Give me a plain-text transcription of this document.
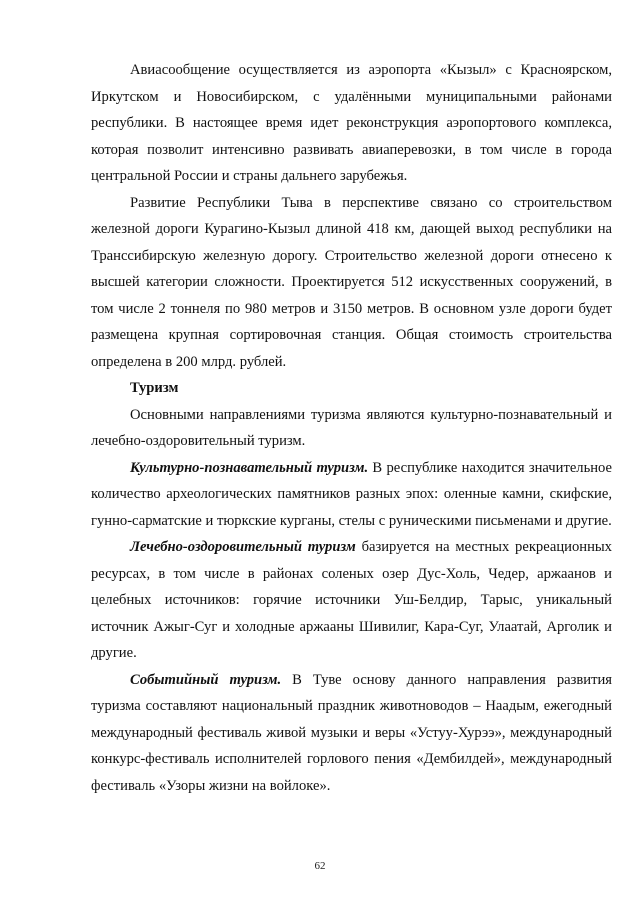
Авиасообщение осуществляется из аэропорта «Кызыл» с Красноярском, Иркутском и Новосибирском, с удалёнными муниципальными районами республики. В настоящее время идет реконструкция аэропортового комплекса, которая позволит интенсивно развивать авиаперевозки, в том числе в города центральной России и страны дальнего зарубежья.

Развитие Республики Тыва в перспективе связано со строительством железной дороги Курагино-Кызыл длиной 418 км, дающей выход республики на Транссибирскую железную дорогу. Строительство железной дороги отнесено к высшей категории сложности. Проектируется 512 искусственных сооружений, в том числе 2 тоннеля по 980 метров и 3150 метров. В основном узле дороги будет размещена крупная сортировочная станция. Общая стоимость строительства определена в 200 млрд. рублей.

Туризм

Основными направлениями туризма являются культурно-познавательный и лечебно-оздоровительный туризм.

Культурно-познавательный туризм. В республике находится значительное количество археологических памятников разных эпох: оленные камни, скифские, гунно-сарматские и тюркские курганы, стелы с руническими письменами и другие.

Лечебно-оздоровительный туризм базируется на местных рекреационных ресурсах, в том числе в районах соленых озер Дус-Холь, Чедер, аржаанов и целебных источников: горячие источники Уш-Белдир, Тарыс, уникальный источник Ажыг-Суг и холодные аржааны Шивилиг, Кара-Суг, Улаатай, Арголик и другие.

Событийный туризм. В Туве основу данного направления развития туризма составляют национальный праздник животноводов – Наадым, ежегодный международный фестиваль живой музыки и веры «Устуу-Хурээ», международный конкурс-фестиваль исполнителей горлового пения «Дембилдей», международный фестиваль «Узоры жизни на войлоке».

62
